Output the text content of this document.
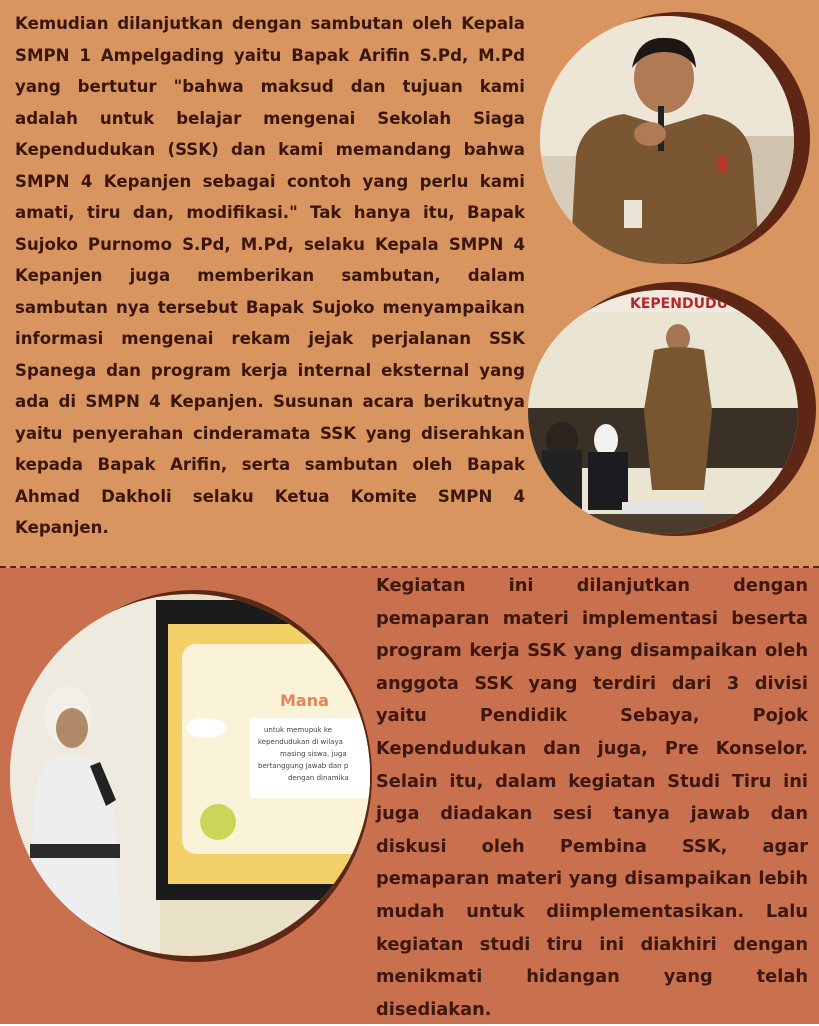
Kemudian dilanjutkan dengan sambutan oleh Kepala SMPN 1 Ampelgading yaitu Bapak Arifin S.Pd, M.Pd yang bertutur "bahwa maksud dan tujuan kami adalah untuk belajar mengenai Sekolah Siaga Kependudukan (SSK) dan kami memandang bahwa SMPN 4 Kepanjen sebagai contoh yang perlu kami amati, tiru dan, modifikasi." Tak hanya itu, Bapak Sujoko Purnomo S.Pd, M.Pd, selaku Kepala SMPN 4 Kepanjen juga memberikan sambutan, dalam sambutan nya tersebut Bapak Sujoko menyampaikan informasi mengenai rekam jejak perjalanan SSK Spanega dan program kerja internal eksternal yang ada di SMPN 4 Kepanjen. Susunan acara berikutnya yaitu penyerahan cinderamata SSK yang diserahkan kepada Bapak Arifin, serta sambutan oleh Bapak Ahmad Dakholi selaku Ketua Komite SMPN 4 Kepanjen.

KEPENDUDU
Mana
untuk memupuk ke
kependudukan di wilaya
masing siswa, juga
bertanggung jawab dan p
dengan dinamika

Kegiatan ini dilanjutkan dengan pemaparan materi implementasi beserta program kerja SSK yang disampaikan oleh anggota SSK yang terdiri dari 3 divisi yaitu Pendidik Sebaya, Pojok Kependudukan dan juga, Pre Konselor. Selain itu, dalam kegiatan Studi Tiru ini juga diadakan sesi tanya jawab dan diskusi oleh Pembina SSK, agar pemaparan materi yang disampaikan lebih mudah untuk diimplementasikan. Lalu kegiatan studi tiru ini diakhiri dengan menikmati hidangan yang telah disediakan.
